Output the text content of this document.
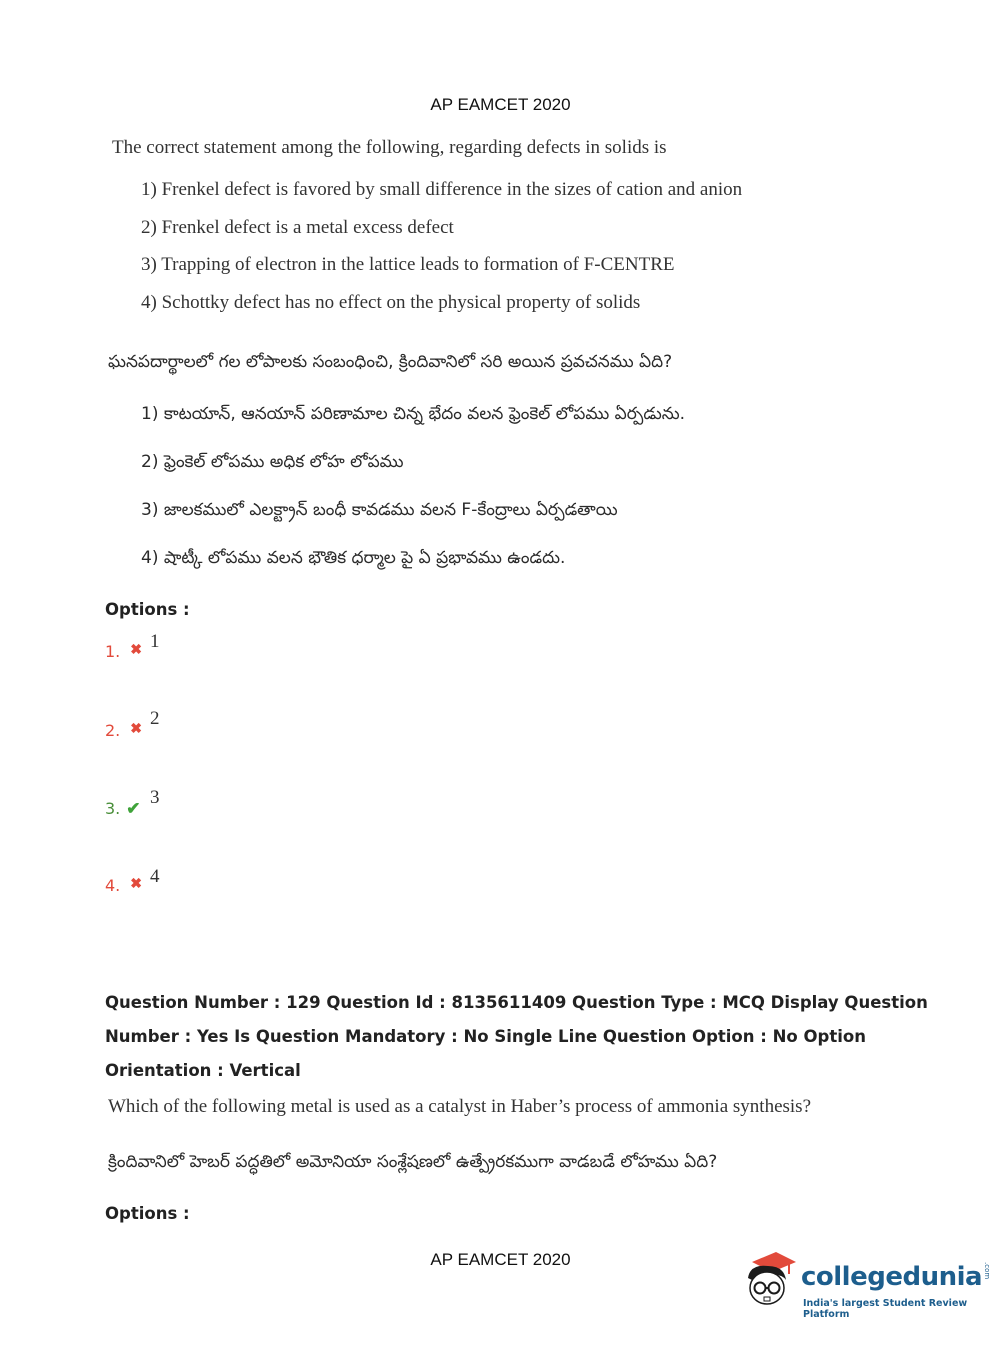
AP EAMCET 2020
The correct statement among the following, regarding defects in solids is
1) Frenkel defect is favored by small difference in the sizes of cation and anion
2) Frenkel defect is a metal excess defect
3) Trapping of electron in the lattice leads to formation of F-CENTRE
4) Schottky defect has no effect on the physical property of solids
ఘనపదార్థాలలో గల లోపాలకు సంబంధించి, క్రిందివానిలో సరి అయిన ప్రవచనము ఏది?
1) కాటయాన్, ఆనయాన్ పరిణామాల చిన్న భేదం వలన ఫ్రెంకెల్ లోపము ఏర్పడును.
2) ఫ్రెంకెల్ లోపము అధిక లోహ లోపము
3) జాలకములో ఎలక్ట్రాన్ బంధీ కావడము వలన F-కేంద్రాలు ఏర్పడతాయి
4) షాట్కీ లోపము వలన భౌతిక ధర్మాల పై ఏ ప్రభావము ఉండదు.
Options :
1. ✖ 1
2. ✖
2
3. ✔
3
4. ✖ 4
Question Number : 129 Question Id : 8135611409 Question Type : MCQ Display Question
Number : Yes Is Question Mandatory : No Single Line Question Option : No Option
Orientation : Vertical
Which of the following metal is used as a catalyst in Haber’s process of ammonia synthesis?
క్రిందివానిలో హెబర్ పద్ధతిలో అమోనియా సంశ్లేషణలో ఉత్ప్రేరకముగా వాడబడే లోహము ఏది?
Options :
AP EAMCET 2020
collegedunia.com
India's largest Student Review Platform
